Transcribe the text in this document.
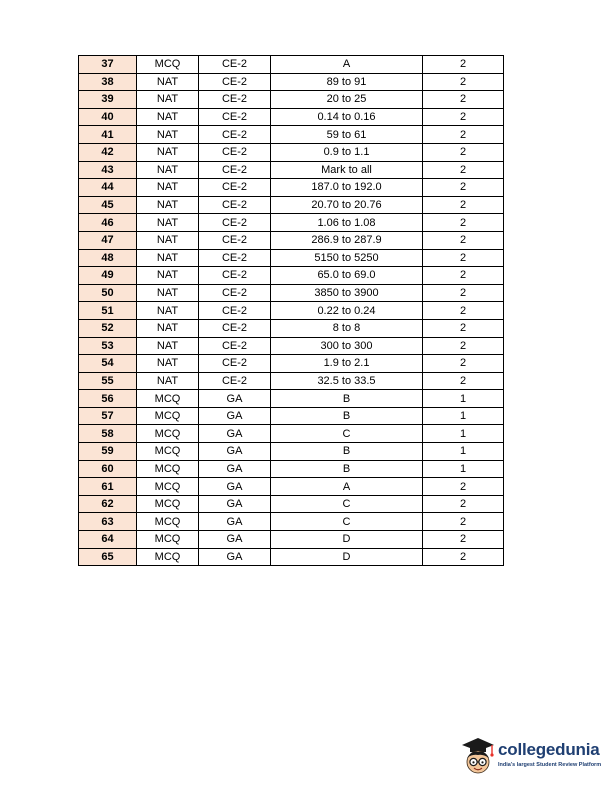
37	MCQ	CE-2	A	2
38	NAT	CE-2	89 to 91	2
39	NAT	CE-2	20 to 25	2
40	NAT	CE-2	0.14 to 0.16	2
41	NAT	CE-2	59 to 61	2
42	NAT	CE-2	0.9 to 1.1	2
43	NAT	CE-2	Mark to all	2
44	NAT	CE-2	187.0 to 192.0	2
45	NAT	CE-2	20.70 to 20.76	2
46	NAT	CE-2	1.06 to 1.08	2
47	NAT	CE-2	286.9 to 287.9	2
48	NAT	CE-2	5150 to 5250	2
49	NAT	CE-2	65.0 to 69.0	2
50	NAT	CE-2	3850 to 3900	2
51	NAT	CE-2	0.22 to 0.24	2
52	NAT	CE-2	8 to 8	2
53	NAT	CE-2	300 to 300	2
54	NAT	CE-2	1.9 to 2.1	2
55	NAT	CE-2	32.5 to 33.5	2
56	MCQ	GA	B	1
57	MCQ	GA	B	1
58	MCQ	GA	C	1
59	MCQ	GA	B	1
60	MCQ	GA	B	1
61	MCQ	GA	A	2
62	MCQ	GA	C	2
63	MCQ	GA	C	2
64	MCQ	GA	D	2
65	MCQ	GA	D	2
collegedunia
India's largest Student Review Platform
